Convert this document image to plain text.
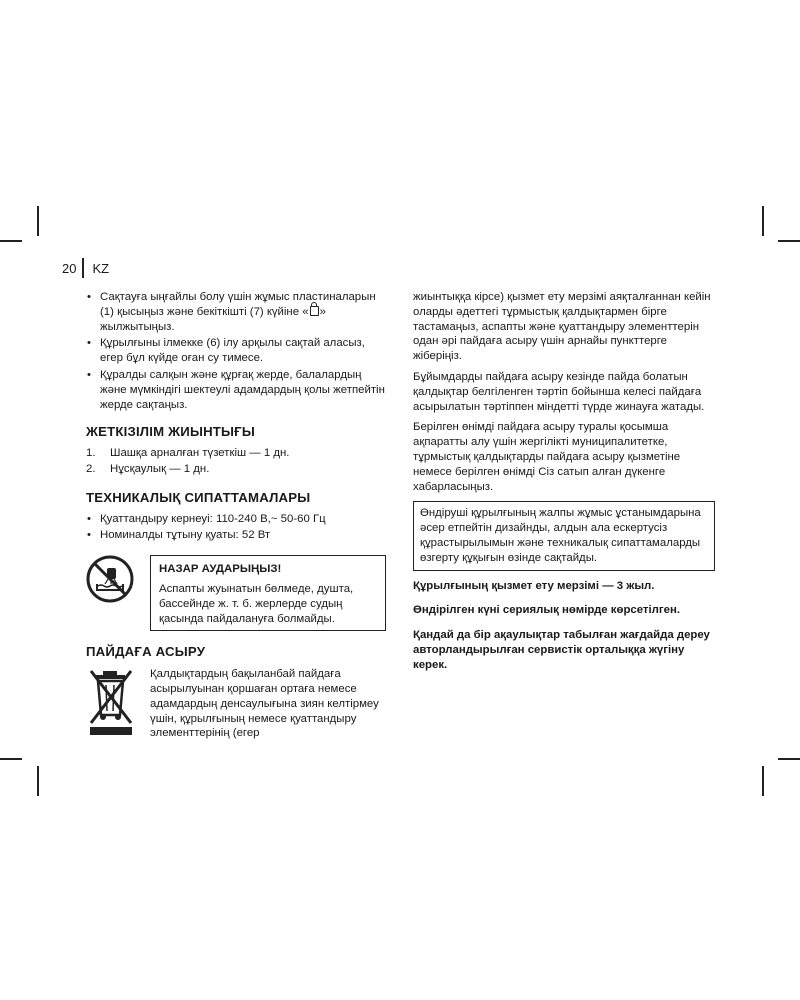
20 KZ
• Сақтауға ыңғайлы болу үшін жұмыс пластиналарын (1) қысыңыз және бекіткішті (7) күйіне « » жылжытыңыз.
• Құрылғыны ілмекке (6) ілу арқылы сақтай аласыз, егер бұл күйде оған су тимесе.
• Құралды салқын және құрғақ жерде, балалардың және мүмкіндігі шектеулі адамдардың қолы жетпейтін жерде сақтаңыз.
ЖЕТКІЗІЛІМ ЖИЫНТЫҒЫ
1.	Шашқа арналған түзеткіш — 1 дн.
2.	Нұсқаулық — 1 дн.
ТЕХНИКАЛЫҚ СИПАТТАМАЛАРЫ
• Қуаттандыру кернеуі: 110-240 В,~ 50-60 Гц
• Номиналды тұтыну қуаты: 52 Вт
НАЗАР АУДАРЫҢЫЗ!
Аспапты жуынатын бөлмеде, душта, бассейнде ж. т. б. жерлерде судың қасында пайдалануға болмайды.
ПАЙДАҒА АСЫРУ
Қалдықтардың бақыланбай пайдаға асырылуынан қоршаған ортаға немесе адамдардың денсаулығына зиян келтірмеу үшін, құрылғының немесе қуаттандыру элементтерінің (егер

жиынтыққа кірсе) қызмет ету мерзімі аяқталғаннан кейін оларды әдеттегі тұрмыстық қалдықтармен бірге тастамаңыз, аспапты және қуаттандыру элементтерін одан әрі пайдаға асыру үшін арнайы пункттерге жіберіңіз.

Бұйымдарды пайдаға асыру кезінде пайда болатын қалдықтар белгіленген тәртіп бойынша келесі пайдаға асырылатын тәртіппен міндетті түрде жинауға жатады.

Берілген өнімді пайдаға асыру туралы қосымша ақпаратты алу үшін жергілікті муниципалитетке, тұрмыстық қалдықтарды пайдаға асыру қызметіне немесе берілген өнімді Сіз сатып алған дүкенге хабарласыңыз.

Өндіруші құрылғының жалпы жұмыс ұстанымдарына әсер етпейтін дизайнды, алдын ала ескертусіз құрастырылымын және техникалық сипаттамаларды өзгерту құқығын өзінде сақтайды.

Құрылғының қызмет ету мерзімі — 3 жыл.

Өндірілген күні сериялық нөмірде көрсетілген.

Қандай да бір ақаулықтар табылған жағдайда дереу авторландырылған сервистік орталыққа жүгіну керек.
